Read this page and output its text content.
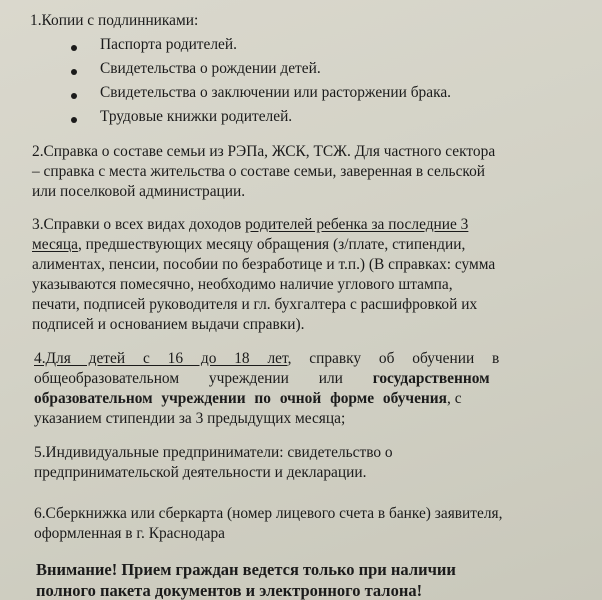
1.Копии с подлинниками:
Паспорта родителей.
Свидетельства о рождении детей.
Свидетельства о заключении или расторжении брака.
Трудовые книжки родителей.
2.Справка о составе семьи из РЭПа, ЖСК, ТСЖ. Для частного сектора
– справка с места жительства о составе семьи, заверенная в сельской
или поселковой администрации.
3.Справки о всех видах доходов родителей ребенка за последние 3
месяца, предшествующих месяцу обращения (з/плате, стипендии,
алиментах, пенсии, пособии по безработице и т.п.) (В справках: сумма
указываются помесячно, необходимо наличие углового штампа,
печати, подписей руководителя и гл. бухгалтера с расшифровкой их
подписей и основанием выдачи справки).
4.Для детей с 16 до 18 лет, справку об обучении в
общеобразовательном учреждении или государственном
образовательном учреждении по очной форме обучения, с
указанием стипендии за 3 предыдущих месяца;
5.Индивидуальные предприниматели: свидетельство о
предпринимательской деятельности и декларации.
6.Сберкнижка или сберкарта (номер лицевого счета в банке) заявителя,
оформленная в г. Краснодара
Внимание! Прием граждан ведется только при наличии
полного пакета документов и электронного талона!
